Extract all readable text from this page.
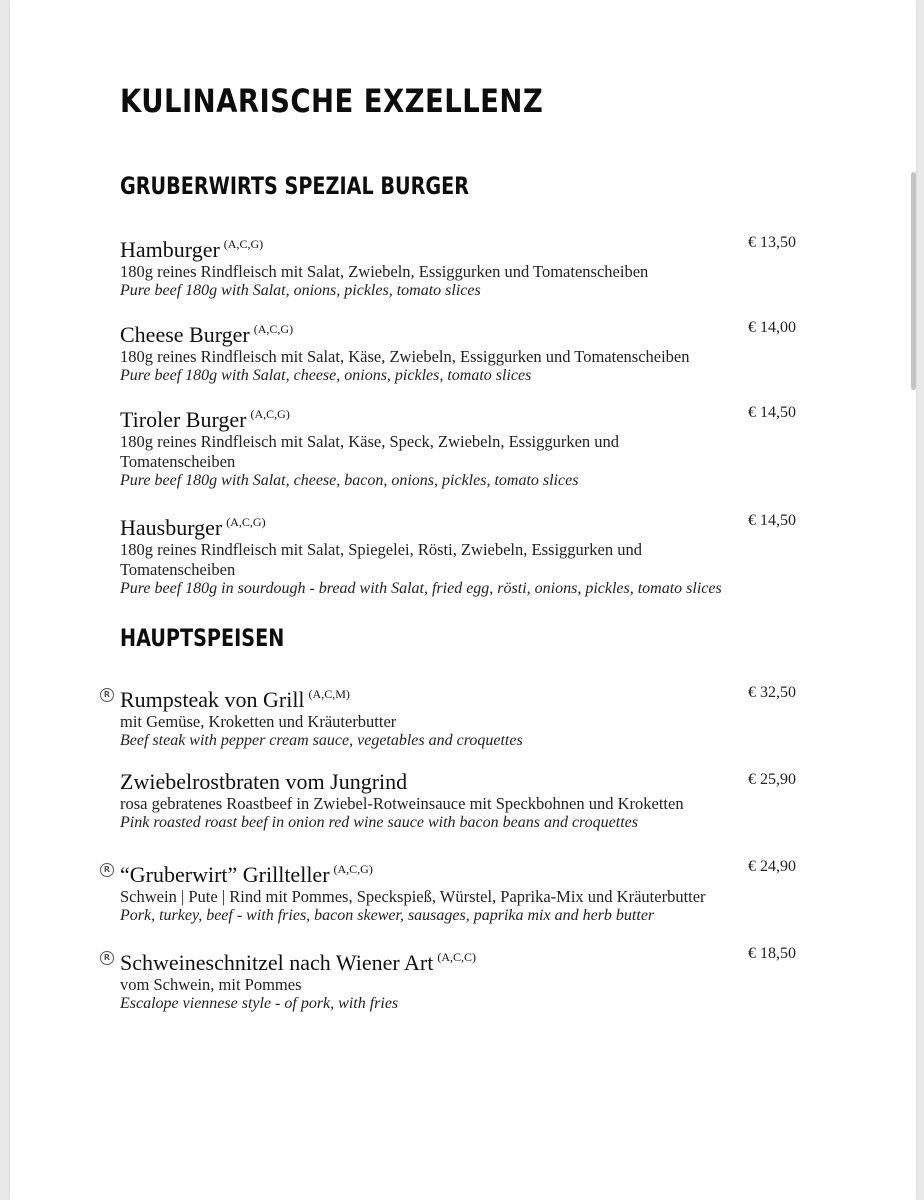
KULINARISCHE EXZELLENZ
GRUBERWIRTS SPEZIAL BURGER
Hamburger $^{(A,C,G)}$
180g reines Rindfleisch mit Salat, Zwiebeln, Essiggurken und Tomatenscheiben
Pure beef 180g with Salat, onions, pickles, tomato slices
€ 13,50
Cheese Burger $^{(A,C,G)}$
180g reines Rindfleisch mit Salat, Käse, Zwiebeln, Essiggurken und Tomatenscheiben
Pure beef 180g with Salat, cheese, onions, pickles, tomato slices
€ 14,00
Tiroler Burger $^{(A,C,G)}$
180g reines Rindfleisch mit Salat, Käse, Speck, Zwiebeln, Essiggurken und Tomatenscheiben
Pure beef 180g with Salat, cheese, bacon, onions, pickles, tomato slices
€ 14,50
Hausburger $^{(A,C,G)}$
180g reines Rindfleisch mit Salat, Spiegelei, Rösti, Zwiebeln, Essiggurken und Tomatenscheiben
Pure beef 180g in sourdough - bread with Salat, fried egg, rösti, onions, pickles, tomato slices
€ 14,50
HAUPTSPEISEN
R Rumpsteak von Grill $^{(A,C,M)}$
mit Gemüse, Kroketten und Kräuterbutter
Beef steak with pepper cream sauce, vegetables and croquettes
€ 32,50
Zwiebelrostbraten vom Jungrind
rosa gebratenes Roastbeef in Zwiebel-Rotweinsauce mit Speckbohnen und Kroketten
Pink roasted roast beef in onion red wine sauce with bacon beans and croquettes
€ 25,90
R “Gruberwirt” Grillteller $^{(A,C,G)}$
Schwein | Pute | Rind mit Pommes, Speckspieß, Würstel, Paprika-Mix und Kräuterbutter
Pork, turkey, beef - with fries, bacon skewer, sausages, paprika mix and herb butter
€ 24,90
R Schweineschnitzel nach Wiener Art $^{(A,C,C)}$
vom Schwein, mit Pommes
Escalope viennese style - of pork, with fries
€ 18,50
